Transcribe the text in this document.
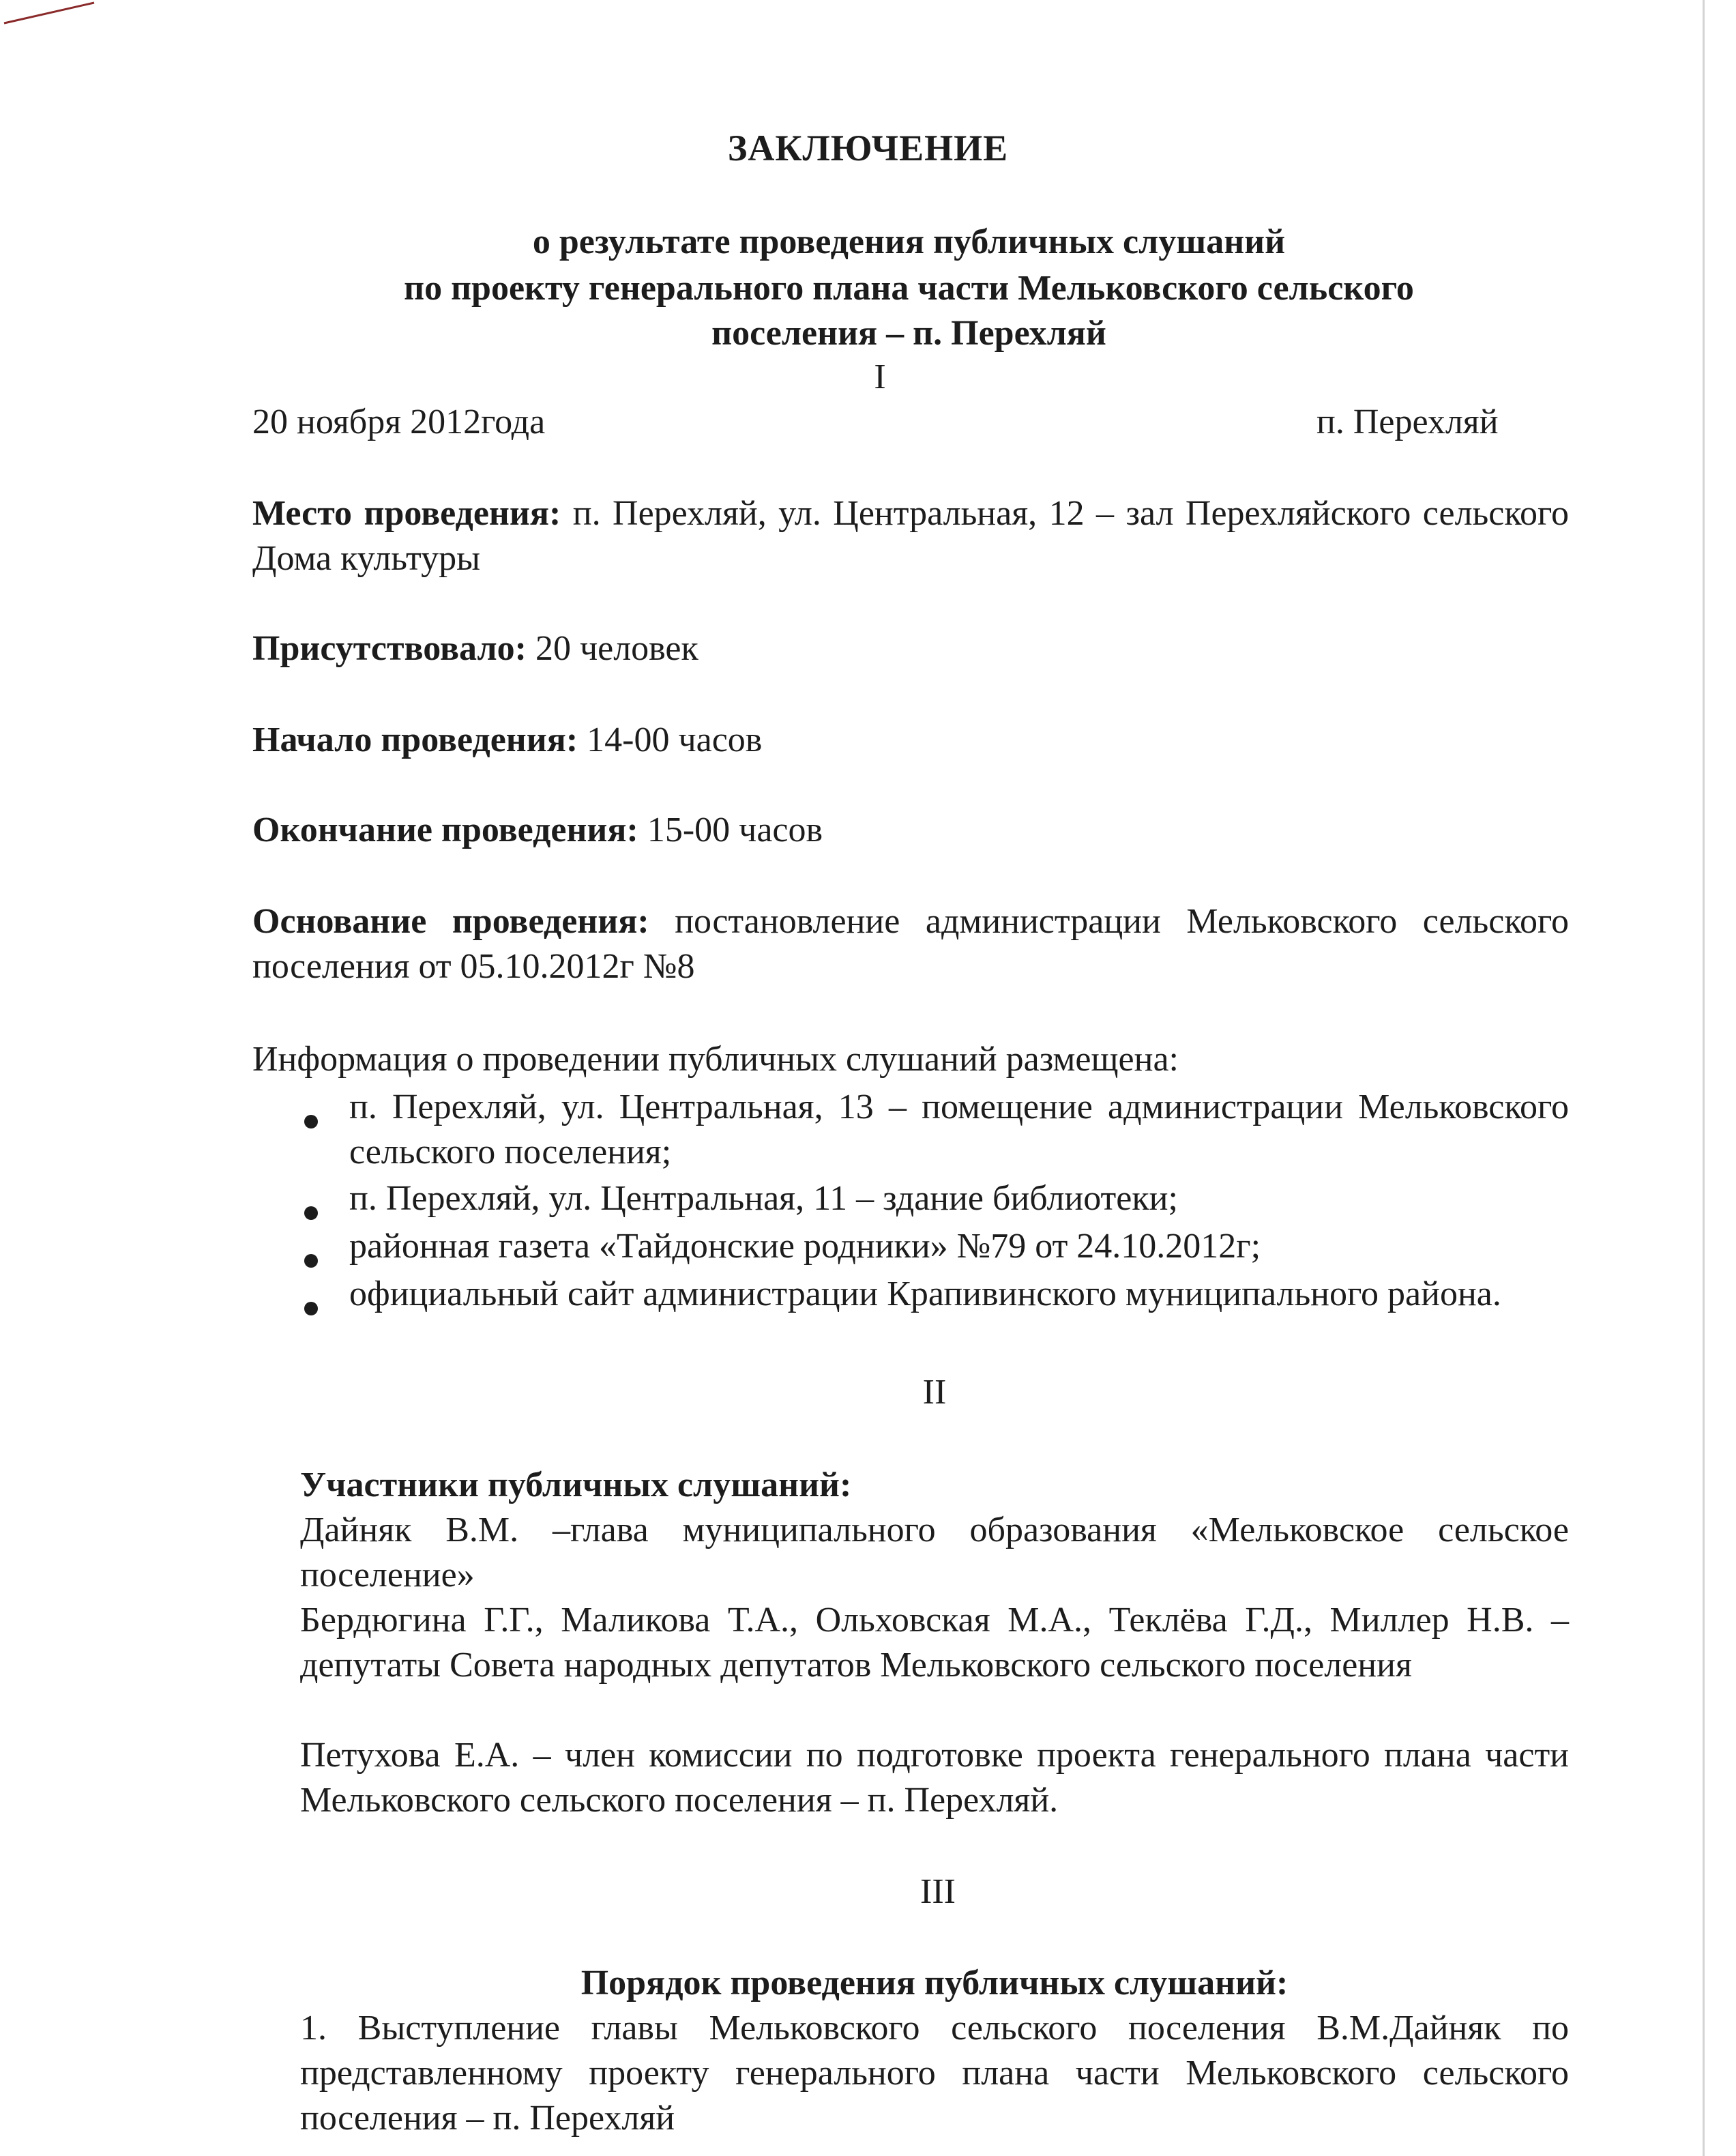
ЗАКЛЮЧЕНИЕ
о результате проведения публичных слушаний
по проекту генерального плана части Мельковского сельского
поселения – п. Перехляй
I
20 ноября 2012года	п. Перехляй
Место проведения: п. Перехляй, ул. Центральная, 12 – зал Перехляйского сельского Дома культуры
Присутствовало: 20 человек
Начало проведения: 14-00 часов
Окончание проведения: 15-00 часов
Основание проведения: постановление администрации Мельковского сельского поселения от 05.10.2012г №8
Информация о проведении публичных слушаний размещена:
п. Перехляй, ул. Центральная, 13 – помещение администрации Мельковского сельского поселения;
п. Перехляй, ул. Центральная, 11 – здание библиотеки;
районная газета «Тайдонские родники» №79 от 24.10.2012г;
официальный сайт администрации Крапивинского муниципального района.
II
Участники публичных слушаний:
Дайняк В.М. –глава муниципального образования «Мельковское сельское поселение»
Бердюгина Г.Г., Маликова Т.А., Ольховская М.А., Теклёва Г.Д., Миллер Н.В. – депутаты Совета народных депутатов Мельковского сельского поселения
Петухова Е.А. – член комиссии по подготовке проекта генерального плана части Мельковского сельского поселения – п. Перехляй.
III
Порядок проведения публичных слушаний:
1. Выступление главы Мельковского сельского поселения В.М.Дайняк по представленному проекту генерального плана части Мельковского сельского поселения – п. Перехляй
